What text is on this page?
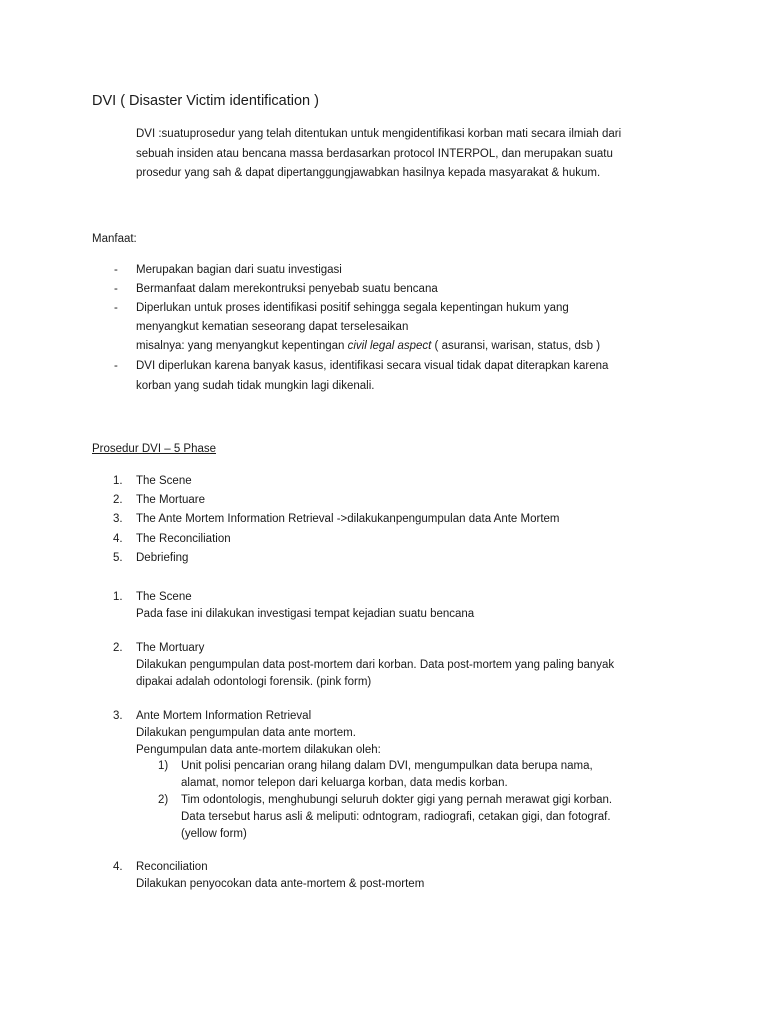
DVI ( Disaster Victim identification )
DVI :suatuprosedur yang telah ditentukan untuk mengidentifikasi korban mati secara ilmiah dari
sebuah insiden atau bencana massa berdasarkan protocol INTERPOL, dan merupakan suatu
prosedur yang sah & dapat dipertanggungjawabkan hasilnya kepada masyarakat & hukum.
Manfaat:
- Merupakan bagian dari suatu investigasi
- Bermanfaat dalam merekontruksi penyebab suatu bencana
- Diperlukan untuk proses identifikasi positif sehingga segala kepentingan hukum yang
menyangkut kematian seseorang dapat terselesaikan
misalnya: yang menyangkut kepentingan civil legal aspect ( asuransi, warisan, status, dsb )
- DVI diperlukan karena banyak kasus, identifikasi secara visual tidak dapat diterapkan karena
korban yang sudah tidak mungkin lagi dikenali.
Prosedur DVI – 5 Phase
1. The Scene
2. The Mortuare
3. The Ante Mortem Information Retrieval ->dilakukanpengumpulan data Ante Mortem
4. The Reconciliation
5. Debriefing
1. The Scene
Pada fase ini dilakukan investigasi tempat kejadian suatu bencana
2. The Mortuary
Dilakukan pengumpulan data post-mortem dari korban. Data post-mortem yang paling banyak
dipakai adalah odontologi forensik. (pink form)
3. Ante Mortem Information Retrieval
Dilakukan pengumpulan data ante mortem.
Pengumpulan data ante-mortem dilakukan oleh:
1) Unit polisi pencarian orang hilang dalam DVI, mengumpulkan data berupa nama,
alamat, nomor telepon dari keluarga korban, data medis korban.
2) Tim odontologis, menghubungi seluruh dokter gigi yang pernah merawat gigi korban.
Data tersebut harus asli & meliputi: odntogram, radiografi, cetakan gigi, dan fotograf.
(yellow form)
4. Reconciliation
Dilakukan penyocokan data ante-mortem & post-mortem
